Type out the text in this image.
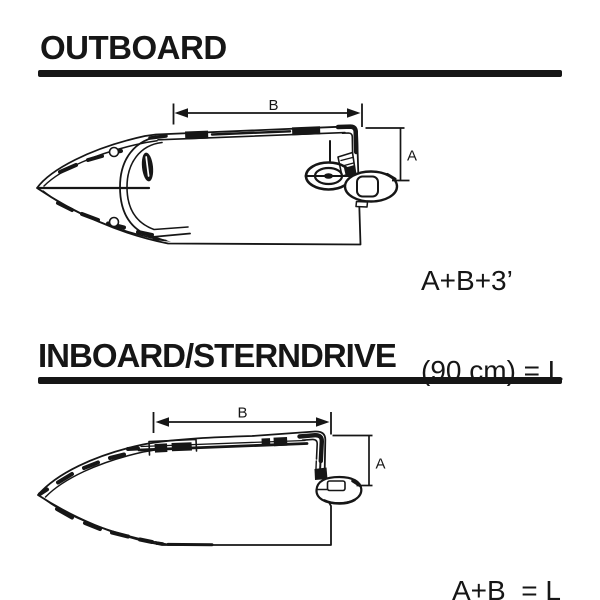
OUTBOARD
INBOARD/STERNDRIVE

A+B+3’

(90 cm) = L

A+B  = L

B
A
B
A
